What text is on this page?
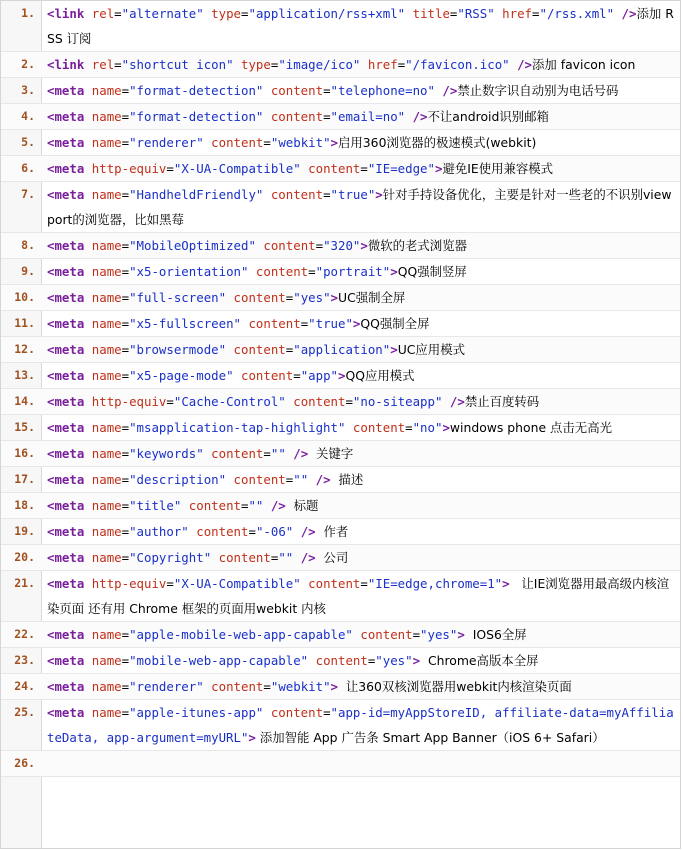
1. <link rel="alternate" type="application/rss+xml" title="RSS" href="/rss.xml" />添加 RSS 订阅
2. <link rel="shortcut icon" type="image/ico" href="/favicon.ico" />添加 favicon icon
3. <meta name="format-detection" content="telephone=no" />禁止数字识自动别为电话号码
4. <meta name="format-detection" content="email=no" />不让android识别邮箱
5. <meta name="renderer" content="webkit">启用360浏览器的极速模式(webkit)
6. <meta http-equiv="X-UA-Compatible" content="IE=edge">避免IE使用兼容模式
7. <meta name="HandheldFriendly" content="true">针对手持设备优化，主要是针对一些老的不识别viewport的浏览器，比如黑莓
8. <meta name="MobileOptimized" content="320">微软的老式浏览器
9. <meta name="x5-orientation" content="portrait">QQ强制竖屏
10. <meta name="full-screen" content="yes">UC强制全屏
11. <meta name="x5-fullscreen" content="true">QQ强制全屏
12. <meta name="browsermode" content="application">UC应用模式
13. <meta name="x5-page-mode" content="app">QQ应用模式
14. <meta http-equiv="Cache-Control" content="no-siteapp" />禁止百度转码
15. <meta name="msapplication-tap-highlight" content="no">windows phone 点击无高光
16. <meta name="keywords" content="" />  关键字
17. <meta name="description" content="" />  描述
18. <meta name="title" content="" />  标题
19. <meta name="author" content="-06" />  作者
20. <meta name="Copyright" content="" />  公司
21. <meta http-equiv="X-UA-Compatible" content="IE=edge,chrome=1">   让IE浏览器用最高级内核渲染页面 还有用 Chrome 框架的页面用webkit 内核
22. <meta name="apple-mobile-web-app-capable" content="yes">  IOS6全屏
23. <meta name="mobile-web-app-capable" content="yes">  Chrome高版本全屏
24. <meta name="renderer" content="webkit">  让360双核浏览器用webkit内核渲染页面
25. <meta name="apple-itunes-app" content="app-id=myAppStoreID, affiliate-data=myAffiliateData, app-argument=myURL"> 添加智能 App 广告条 Smart App Banner（iOS 6+ Safari）
26.
